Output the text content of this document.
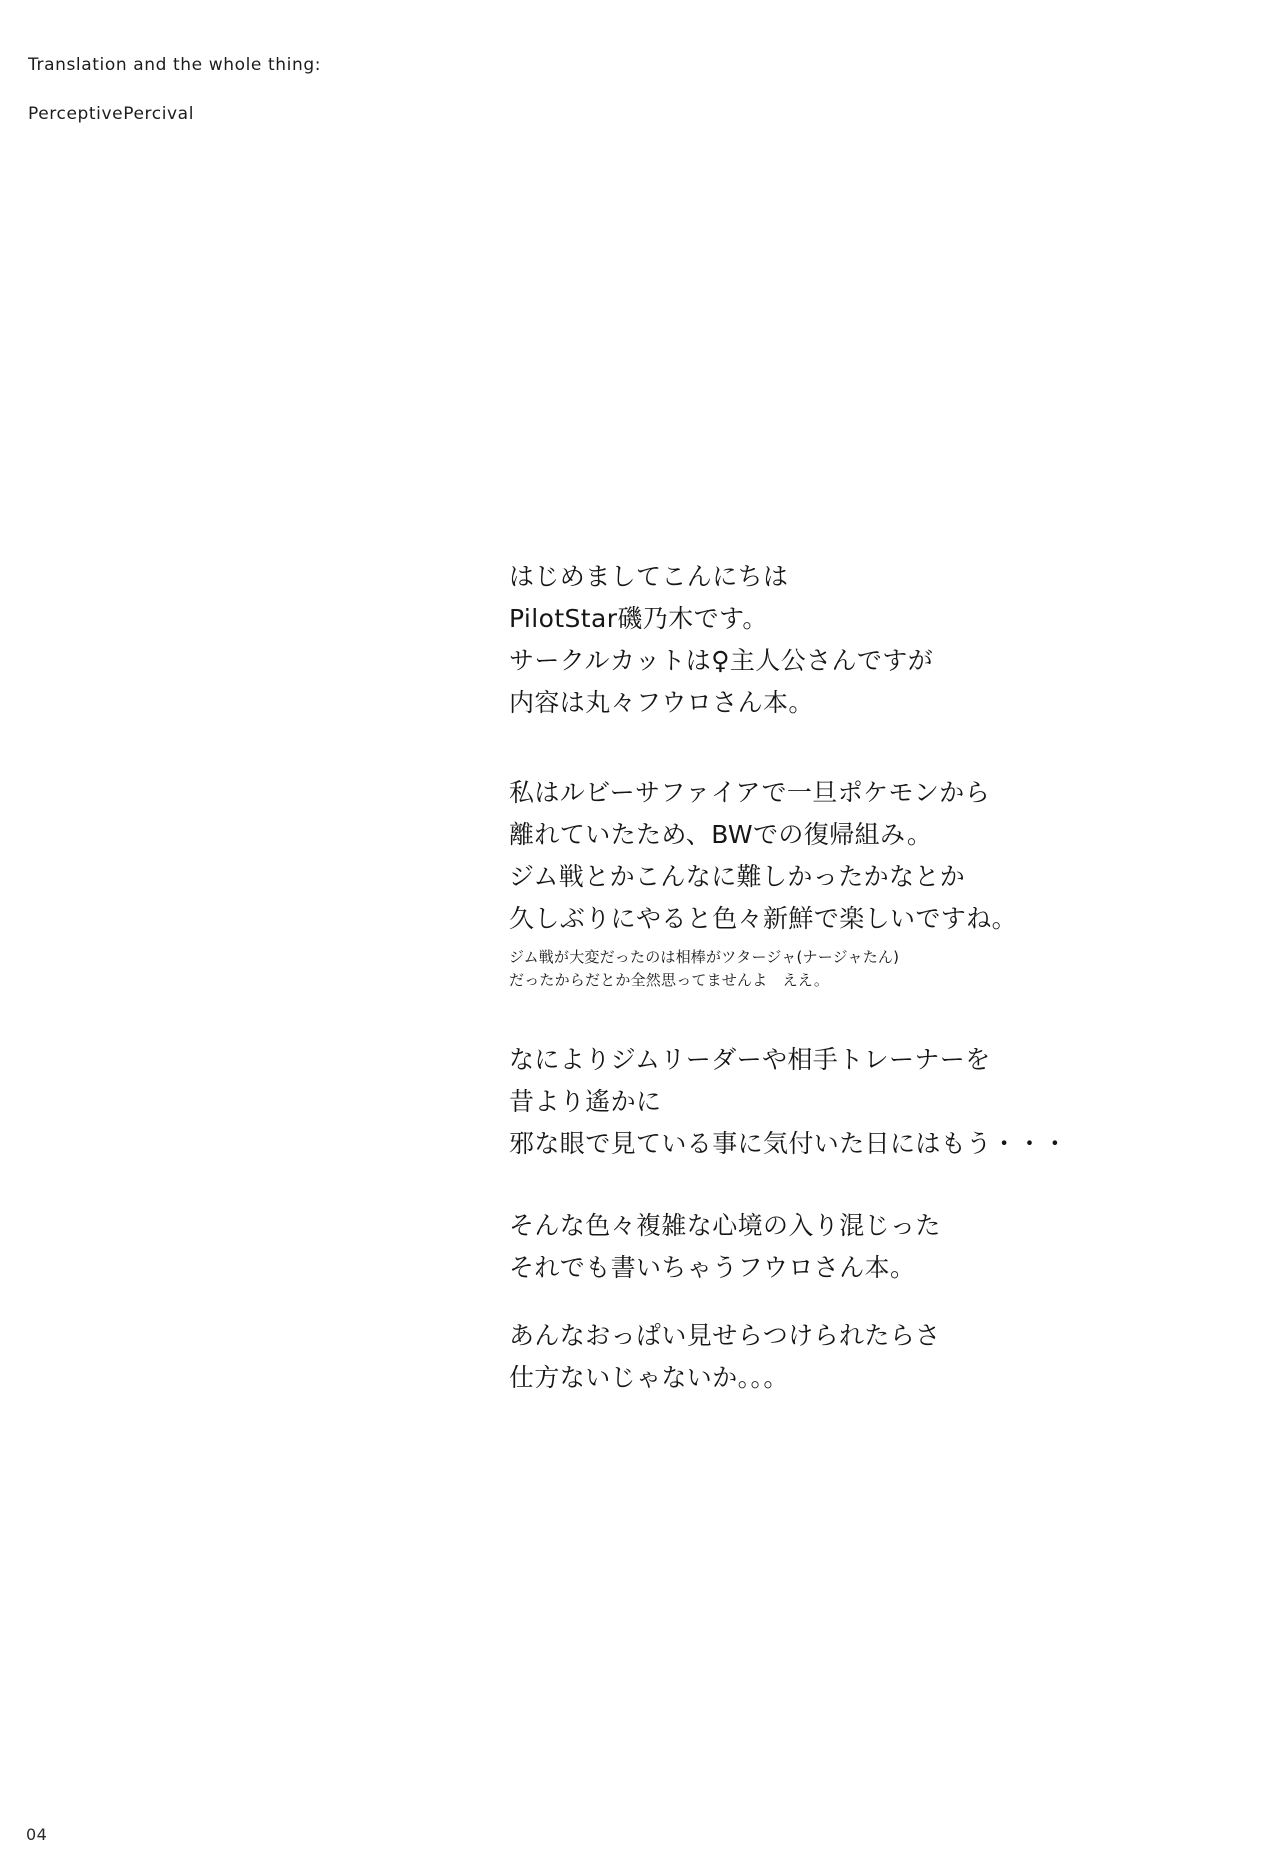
Translation and the whole thing:

PerceptivePercival

はじめましてこんにちは
PilotStar磯乃木です。
サークルカットは♀主人公さんですが
内容は丸々フウロさん本。
私はルビーサファイアで一旦ポケモンから
離れていたため、BWでの復帰組み。
ジム戦とかこんなに難しかったかなとか
久しぶりにやると色々新鮮で楽しいですね。
ジム戦が大変だったのは相棒がツタージャ(ナージャたん)
だったからだとか全然思ってませんよ　ええ。
なによりジムリーダーや相手トレーナーを
昔より遙かに
邪な眼で見ている事に気付いた日にはもう・・・
そんな色々複雑な心境の入り混じった
それでも書いちゃうフウロさん本。
あんなおっぱい見せらつけられたらさ
仕方ないじゃないか。。。
04
